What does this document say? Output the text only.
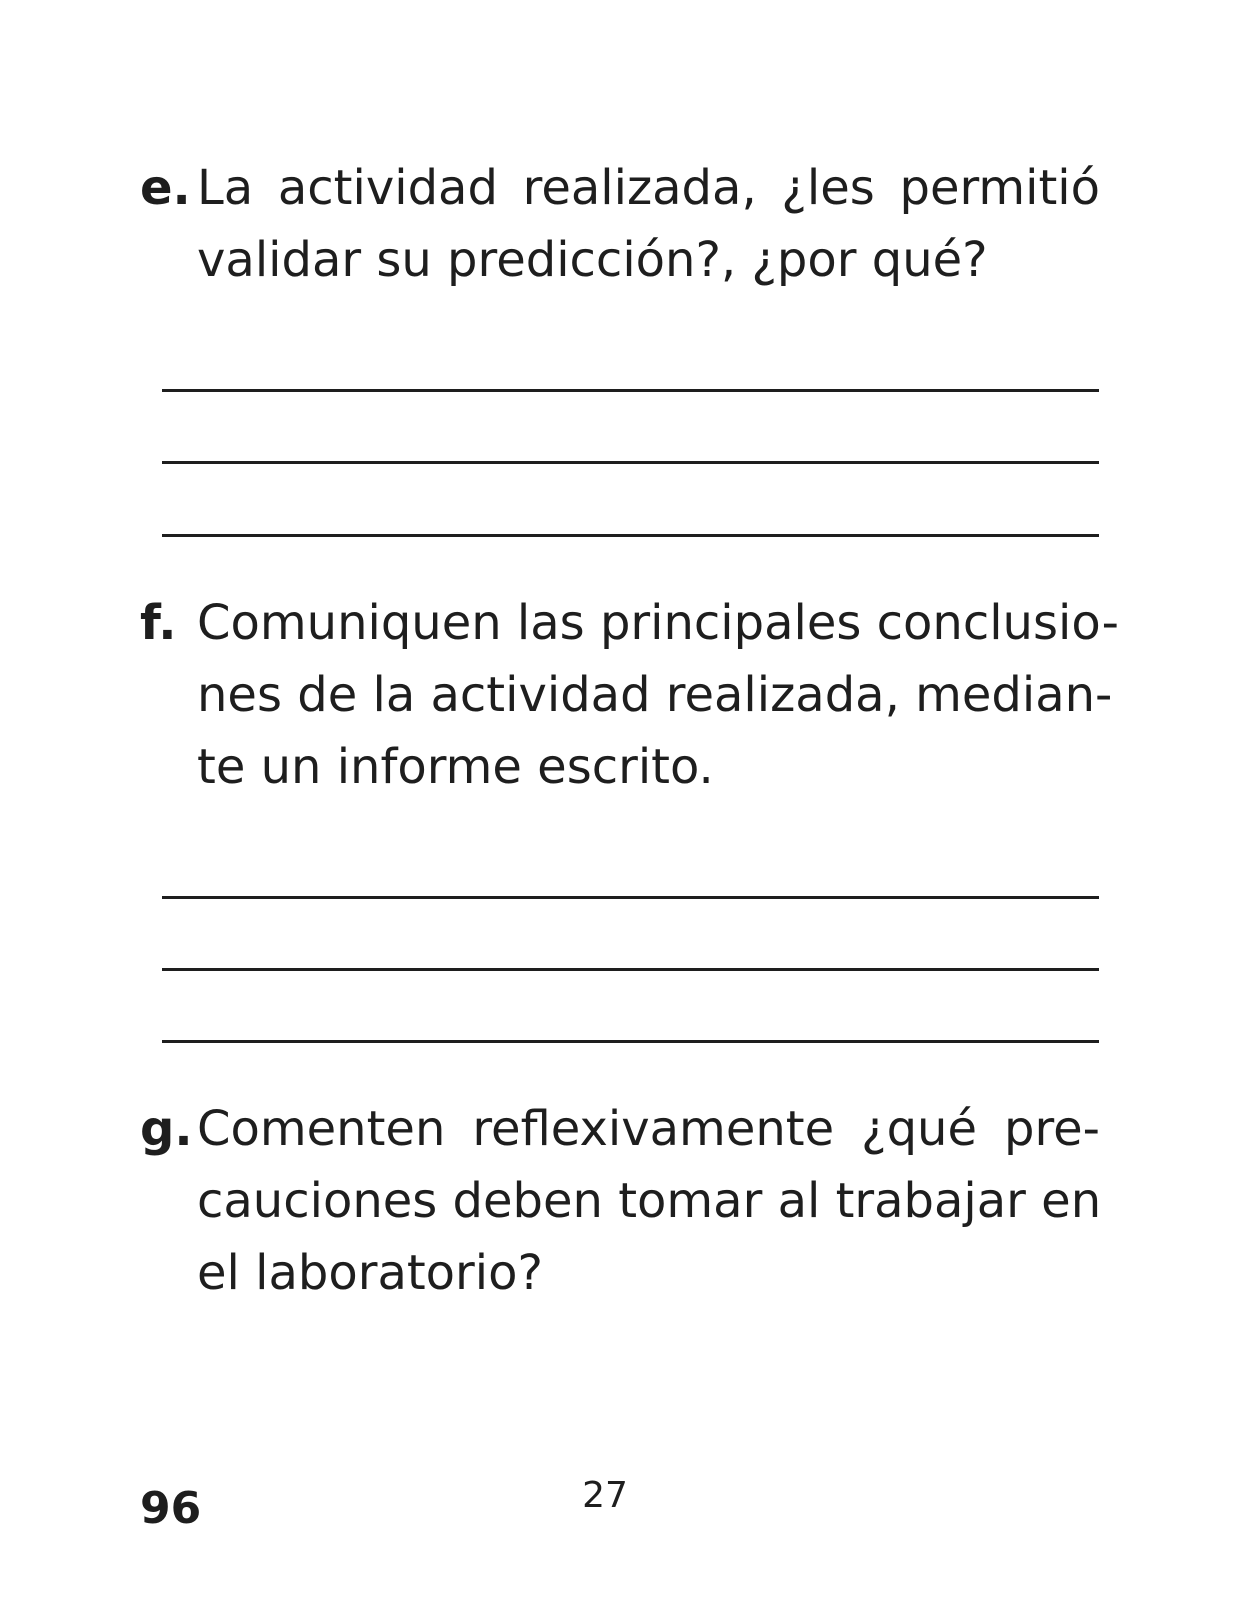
e. La actividad realizada, ¿les permitió
validar su predicción?, ¿por qué?
f. Comuniquen las principales conclusio-
nes de la actividad realizada, median-
te un informe escrito.
g. Comenten reflexivamente ¿qué pre-
cauciones deben tomar al trabajar en
el laboratorio?
96	27
